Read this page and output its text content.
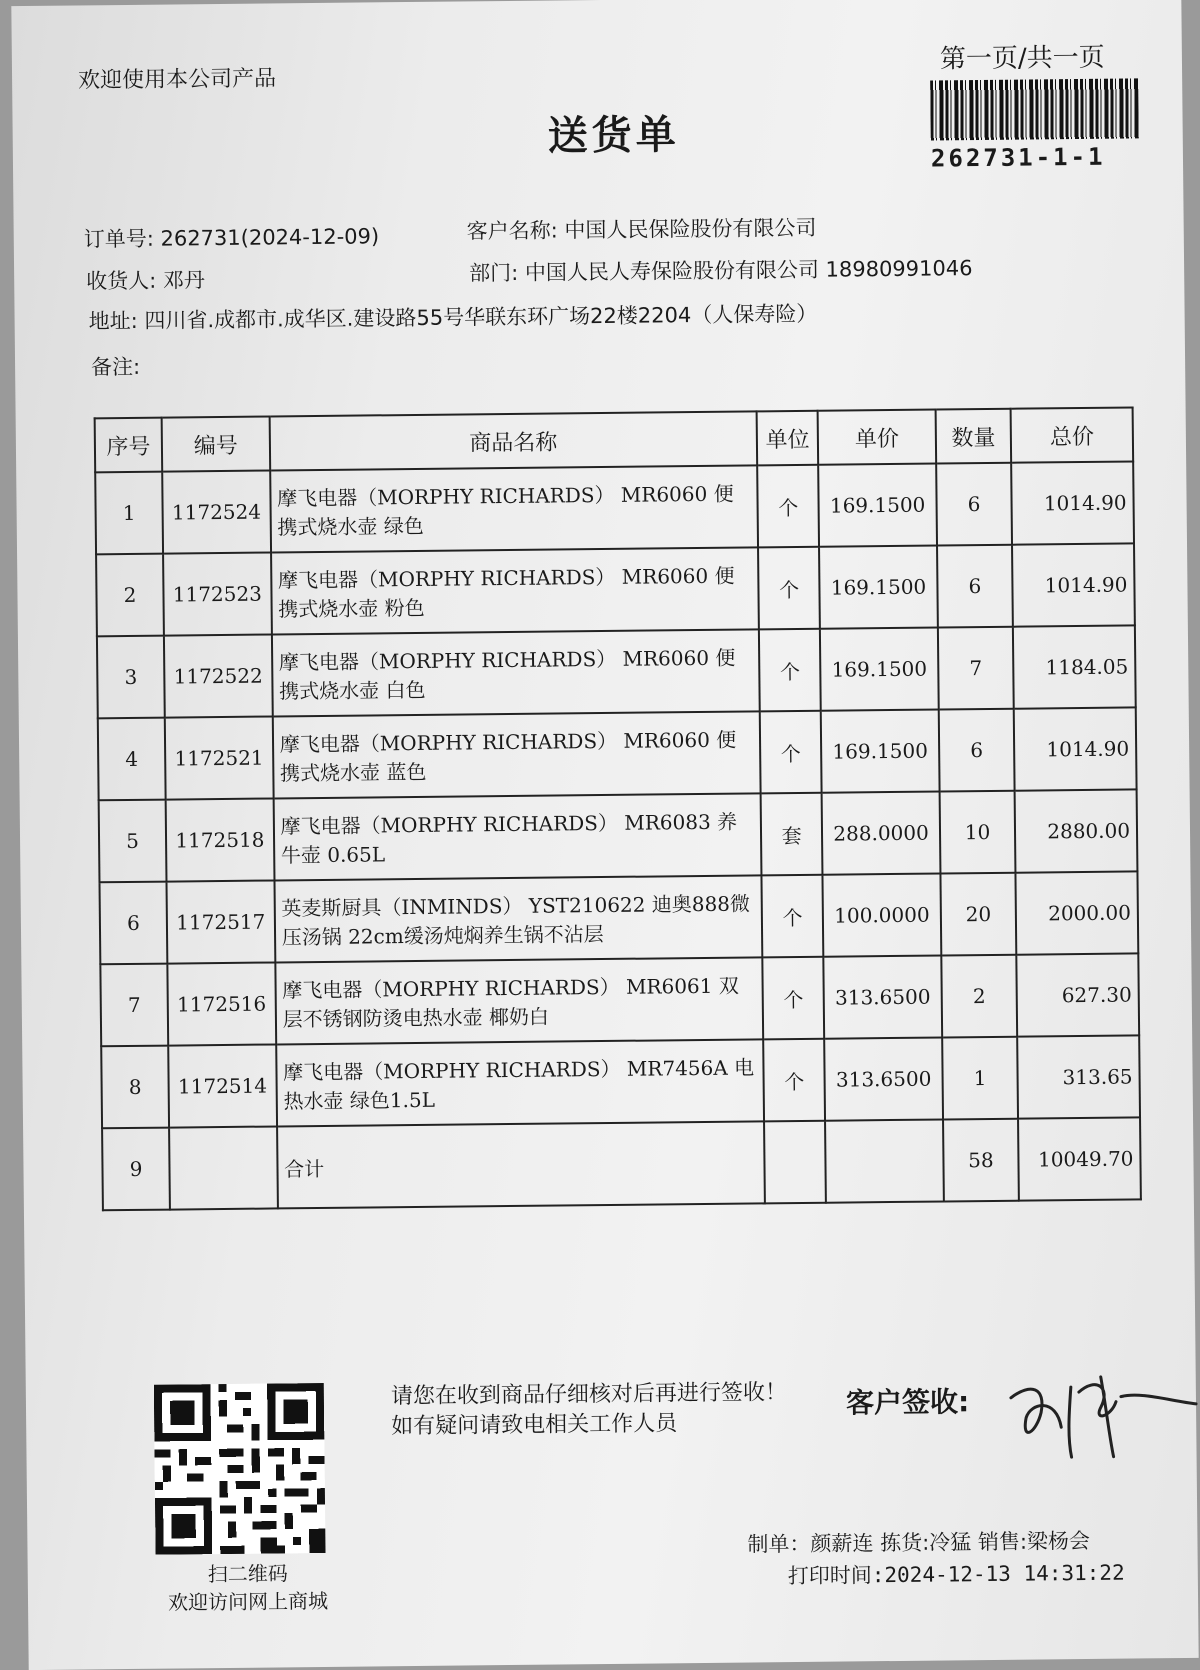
欢迎使用本公司产品
第一页/共一页
262731-1-1
送货单
订单号: 262731(2024-12-09)	客户名称: 中国人民保险股份有限公司
收货人: 邓丹	部门: 中国人民人寿保险股份有限公司 18980991046
地址: 四川省.成都市.成华区.建设路55号华联东环广场22楼2204（人保寿险）
备注:
序号	编号	商品名称	单位	单价	数量	总价
1	1172524	摩飞电器（MORPHY RICHARDS） MR6060 便携式烧水壶 绿色	个	169.1500	6	1014.90
2	1172523	摩飞电器（MORPHY RICHARDS） MR6060 便携式烧水壶 粉色	个	169.1500	6	1014.90
3	1172522	摩飞电器（MORPHY RICHARDS） MR6060 便携式烧水壶 白色	个	169.1500	7	1184.05
4	1172521	摩飞电器（MORPHY RICHARDS） MR6060 便携式烧水壶 蓝色	个	169.1500	6	1014.90
5	1172518	摩飞电器（MORPHY RICHARDS） MR6083 养牛壶 0.65L	套	288.0000	10	2880.00
6	1172517	英麦斯厨具（INMINDS） YST210622 迪奥888微压汤锅 22cm缓汤炖焖养生锅不沾层	个	100.0000	20	2000.00
7	1172516	摩飞电器（MORPHY RICHARDS） MR6061 双层不锈钢防烫电热水壶 椰奶白	个	313.6500	2	627.30
8	1172514	摩飞电器（MORPHY RICHARDS） MR7456A 电热水壶 绿色1.5L	个	313.6500	1	313.65
9		合计			58	10049.70
扫二维码
欢迎访问网上商城
请您在收到商品仔细核对后再进行签收！如有疑问请致电相关工作人员
客户签收:
制单：颜薪连 拣货:冷猛 销售:梁杨会
打印时间:2024-12-13 14:31:22
